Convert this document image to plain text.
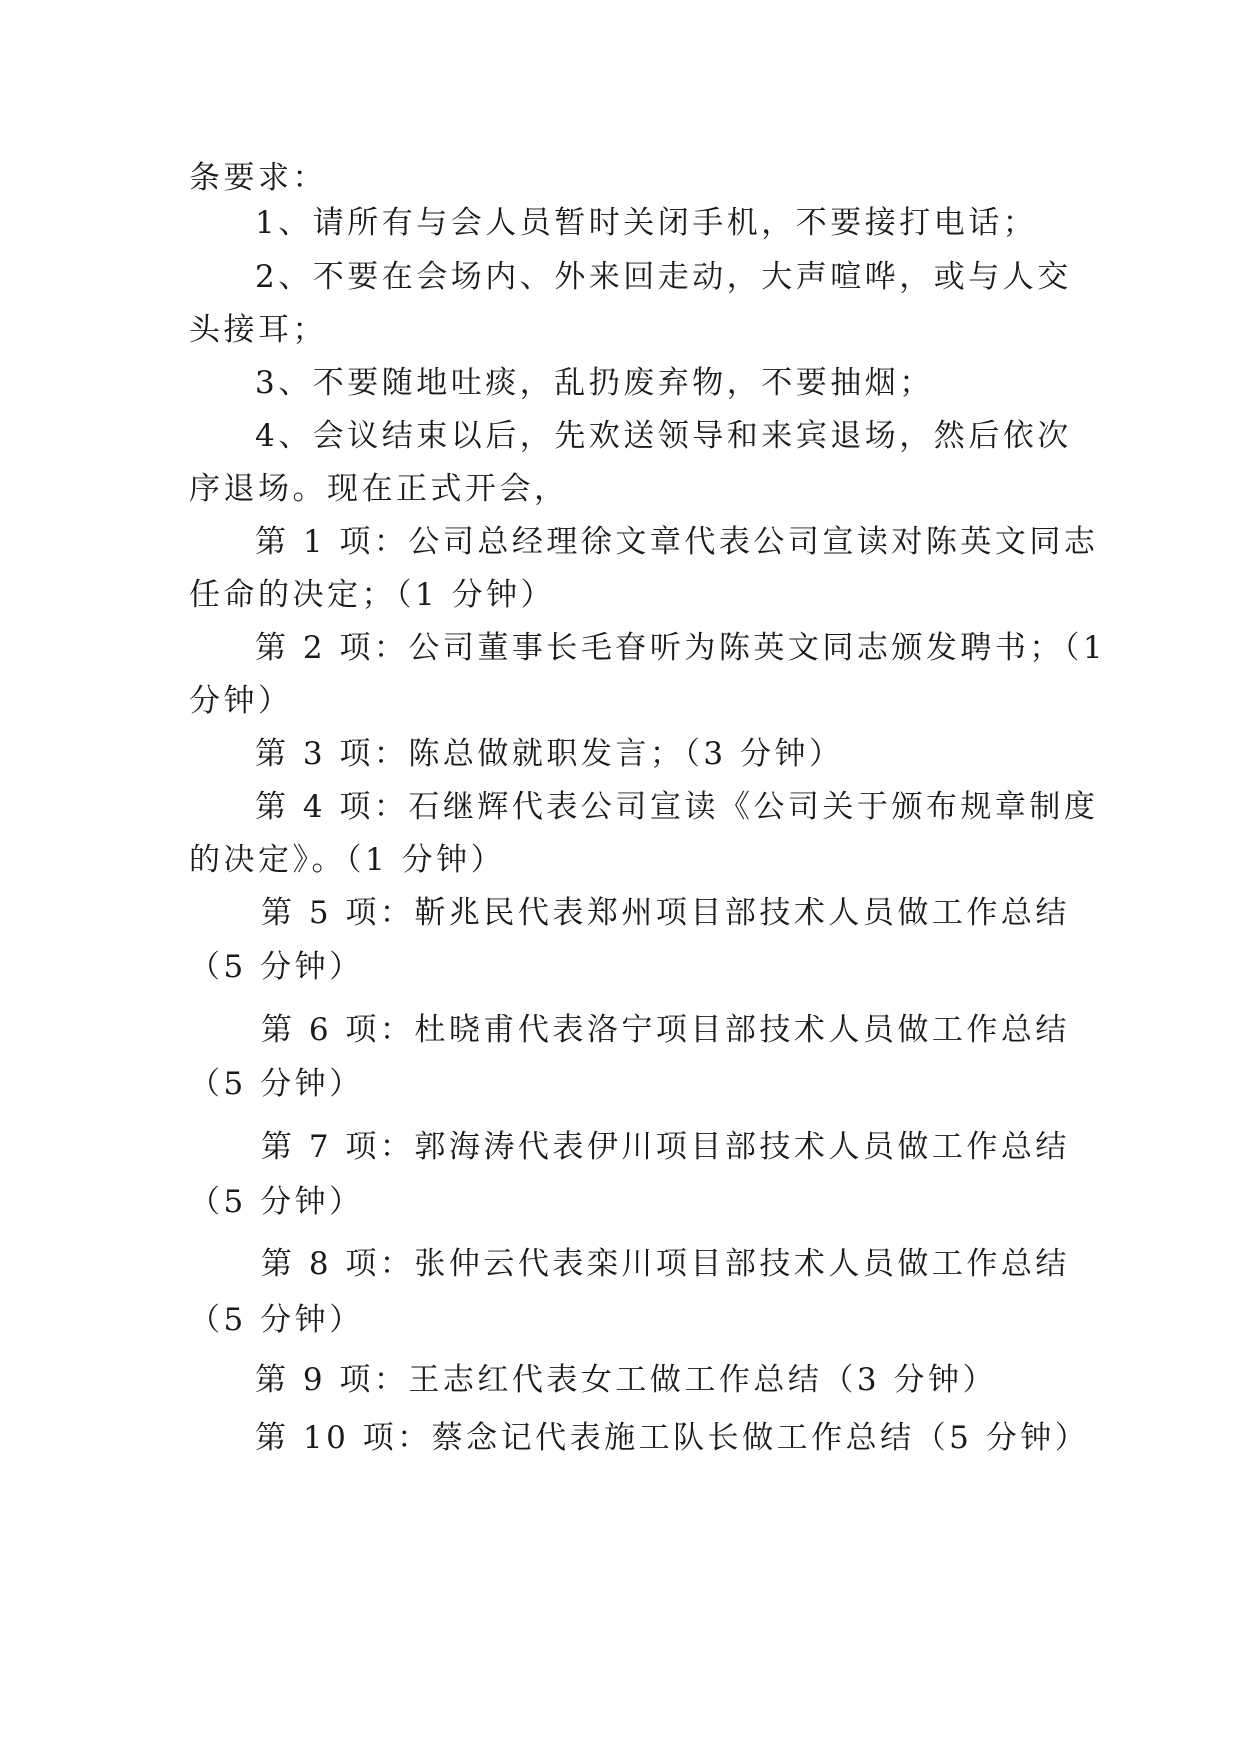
条要求：
1、请所有与会人员暂时关闭手机，不要接打电话；
2、不要在会场内、外来回走动，大声喧哗，或与人交
头接耳；
3、不要随地吐痰，乱扔废弃物，不要抽烟；
4、会议结束以后，先欢送领导和来宾退场，然后依次
序退场。现在正式开会，
第 1 项：公司总经理徐文章代表公司宣读对陈英文同志
任命的决定；（1 分钟）
第 2 项：公司董事长毛眘听为陈英文同志颁发聘书；（1
分钟）
第 3 项：陈总做就职发言；（3 分钟）
第 4 项：石继辉代表公司宣读《公司关于颁布规章制度
的决定》。（1 分钟）
第 5 项：靳兆民代表郑州项目部技术人员做工作总结
（5 分钟）
第 6 项：杜晓甫代表洛宁项目部技术人员做工作总结
（5 分钟）
第 7 项：郭海涛代表伊川项目部技术人员做工作总结
（5 分钟）
第 8 项：张仲云代表栾川项目部技术人员做工作总结
（5 分钟）
第 9 项：王志红代表女工做工作总结（3 分钟）
第 10 项：蔡念记代表施工队长做工作总结（5 分钟）
